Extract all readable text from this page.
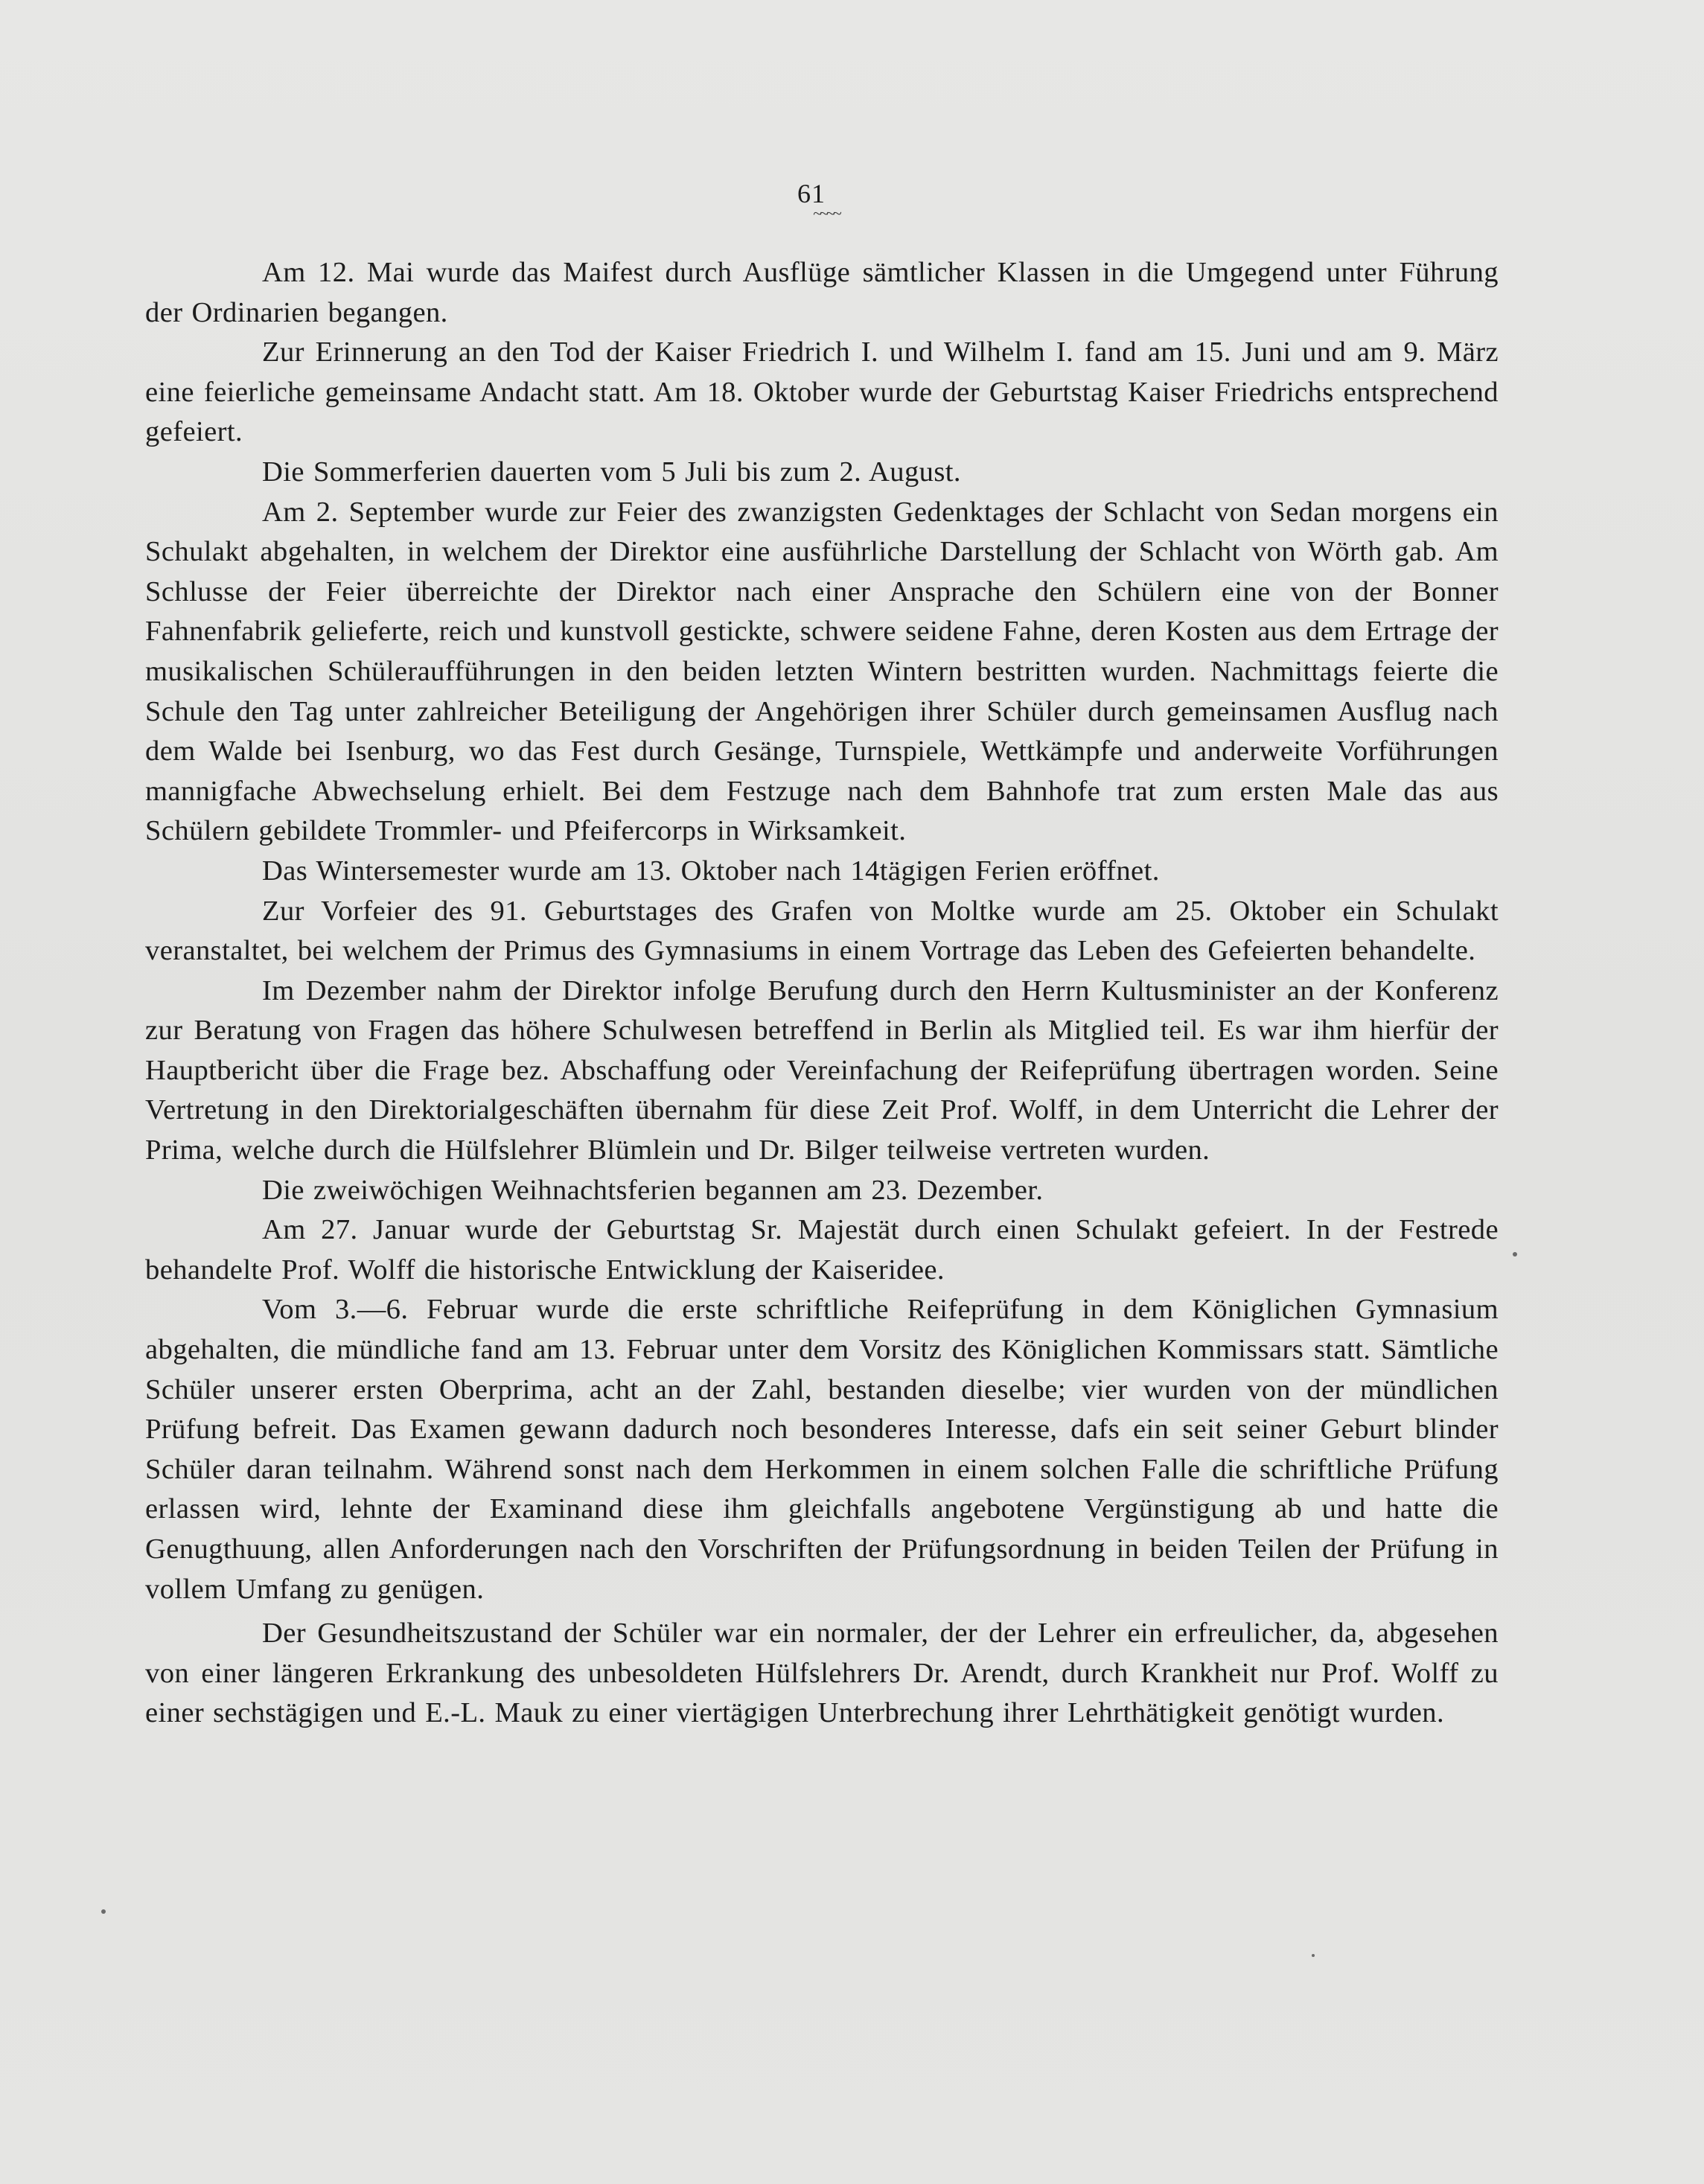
61
~~~~

Am 12. Mai wurde das Maifest durch Ausflüge sämtlicher Klassen in die Umgegend unter Führung der Ordinarien begangen.

Zur Erinnerung an den Tod der Kaiser Friedrich I. und Wilhelm I. fand am 15. Juni und am 9. März eine feierliche gemeinsame Andacht statt. Am 18. Oktober wurde der Geburtstag Kaiser Friedrichs entsprechend gefeiert.

Die Sommerferien dauerten vom 5 Juli bis zum 2. August.

Am 2. September wurde zur Feier des zwanzigsten Gedenktages der Schlacht von Sedan morgens ein Schulakt abgehalten, in welchem der Direktor eine ausführliche Darstellung der Schlacht von Wörth gab. Am Schlusse der Feier überreichte der Direktor nach einer Ansprache den Schülern eine von der Bonner Fahnenfabrik gelieferte, reich und kunstvoll gestickte, schwere seidene Fahne, deren Kosten aus dem Ertrage der musikalischen Schüleraufführungen in den beiden letzten Wintern bestritten wurden. Nachmittags feierte die Schule den Tag unter zahlreicher Beteiligung der Angehörigen ihrer Schüler durch gemeinsamen Ausflug nach dem Walde bei Isenburg, wo das Fest durch Gesänge, Turnspiele, Wettkämpfe und anderweite Vorführungen mannigfache Abwechselung erhielt. Bei dem Festzuge nach dem Bahnhofe trat zum ersten Male das aus Schülern gebildete Trommler- und Pfeifercorps in Wirksamkeit.

Das Wintersemester wurde am 13. Oktober nach 14tägigen Ferien eröffnet.

Zur Vorfeier des 91. Geburtstages des Grafen von Moltke wurde am 25. Oktober ein Schulakt veranstaltet, bei welchem der Primus des Gymnasiums in einem Vortrage das Leben des Gefeierten behandelte.

Im Dezember nahm der Direktor infolge Berufung durch den Herrn Kultusminister an der Konferenz zur Beratung von Fragen das höhere Schulwesen betreffend in Berlin als Mitglied teil. Es war ihm hierfür der Hauptbericht über die Frage bez. Abschaffung oder Vereinfachung der Reifeprüfung übertragen worden. Seine Vertretung in den Direktorialgeschäften übernahm für diese Zeit Prof. Wolff, in dem Unterricht die Lehrer der Prima, welche durch die Hülfslehrer Blümlein und Dr. Bilger teilweise vertreten wurden.

Die zweiwöchigen Weihnachtsferien begannen am 23. Dezember.

Am 27. Januar wurde der Geburtstag Sr. Majestät durch einen Schulakt gefeiert. In der Festrede behandelte Prof. Wolff die historische Entwicklung der Kaiseridee.

Vom 3.—6. Februar wurde die erste schriftliche Reifeprüfung in dem Königlichen Gymnasium abgehalten, die mündliche fand am 13. Februar unter dem Vorsitz des Königlichen Kommissars statt. Sämtliche Schüler unserer ersten Oberprima, acht an der Zahl, bestanden dieselbe; vier wurden von der mündlichen Prüfung befreit. Das Examen gewann dadurch noch besonderes Interesse, dafs ein seit seiner Geburt blinder Schüler daran teilnahm. Während sonst nach dem Herkommen in einem solchen Falle die schriftliche Prüfung erlassen wird, lehnte der Examinand diese ihm gleichfalls angebotene Vergünstigung ab und hatte die Genugthuung, allen Anforderungen nach den Vorschriften der Prüfungsordnung in beiden Teilen der Prüfung in vollem Umfang zu genügen.

Der Gesundheitszustand der Schüler war ein normaler, der der Lehrer ein erfreulicher, da, abgesehen von einer längeren Erkrankung des unbesoldeten Hülfslehrers Dr. Arendt, durch Krankheit nur Prof. Wolff zu einer sechstägigen und E.-L. Mauk zu einer viertägigen Unterbrechung ihrer Lehrthätigkeit genötigt wurden.
